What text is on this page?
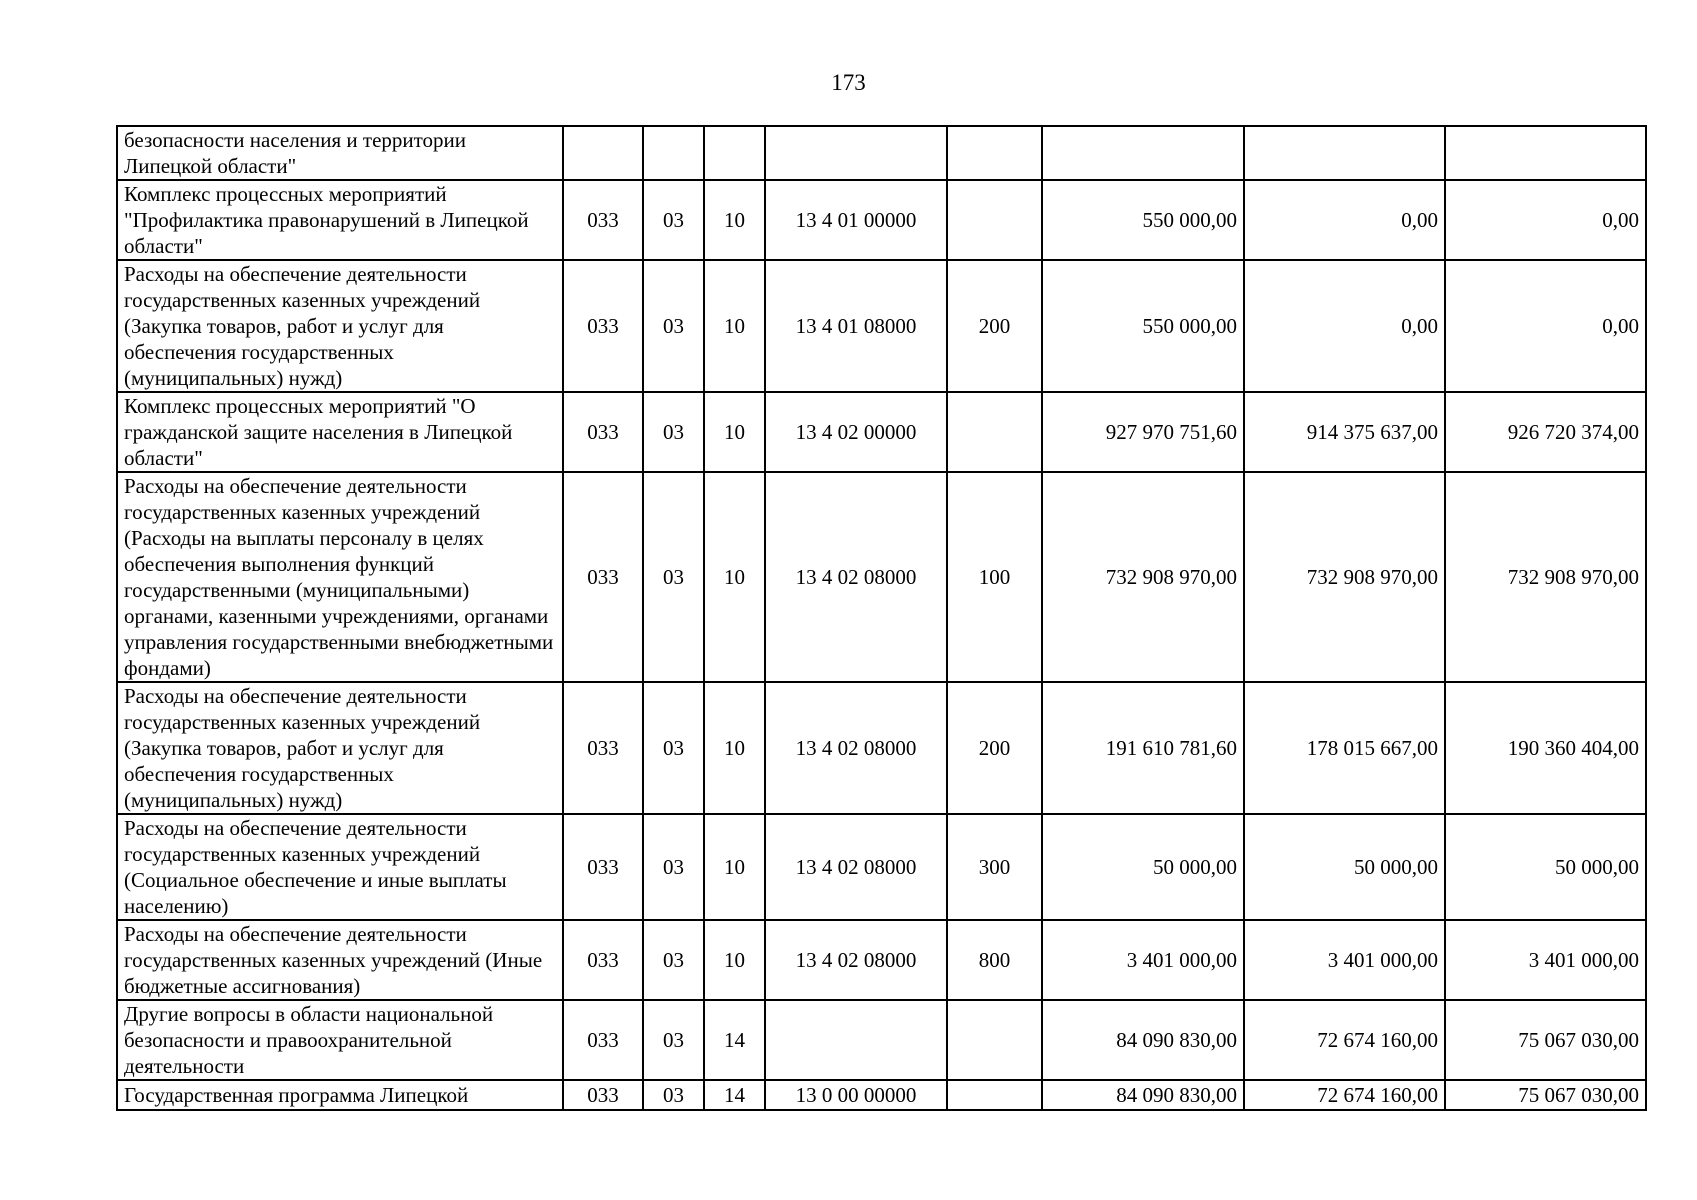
173
безопасности населения и территории Липецкой области"								
Комплекс процессных мероприятий "Профилактика правонарушений в Липецкой области"	033	03	10	13 4 01 00000		550 000,00	0,00	0,00
Расходы на обеспечение деятельности государственных казенных учреждений (Закупка товаров, работ и услуг для обеспечения государственных (муниципальных) нужд)	033	03	10	13 4 01 08000	200	550 000,00	0,00	0,00
Комплекс процессных мероприятий "О гражданской защите населения в Липецкой области"	033	03	10	13 4 02 00000		927 970 751,60	914 375 637,00	926 720 374,00
Расходы на обеспечение деятельности государственных казенных учреждений (Расходы на выплаты персоналу в целях обеспечения выполнения функций государственными (муниципальными) органами, казенными учреждениями, органами управления государственными внебюджетными фондами)	033	03	10	13 4 02 08000	100	732 908 970,00	732 908 970,00	732 908 970,00
Расходы на обеспечение деятельности государственных казенных учреждений (Закупка товаров, работ и услуг для обеспечения государственных (муниципальных) нужд)	033	03	10	13 4 02 08000	200	191 610 781,60	178 015 667,00	190 360 404,00
Расходы на обеспечение деятельности государственных казенных учреждений (Социальное обеспечение и иные выплаты населению)	033	03	10	13 4 02 08000	300	50 000,00	50 000,00	50 000,00
Расходы на обеспечение деятельности государственных казенных учреждений (Иные бюджетные ассигнования)	033	03	10	13 4 02 08000	800	3 401 000,00	3 401 000,00	3 401 000,00
Другие вопросы в области национальной безопасности и правоохранительной деятельности	033	03	14			84 090 830,00	72 674 160,00	75 067 030,00
Государственная программа Липецкой	033	03	14	13 0 00 00000		84 090 830,00	72 674 160,00	75 067 030,00
